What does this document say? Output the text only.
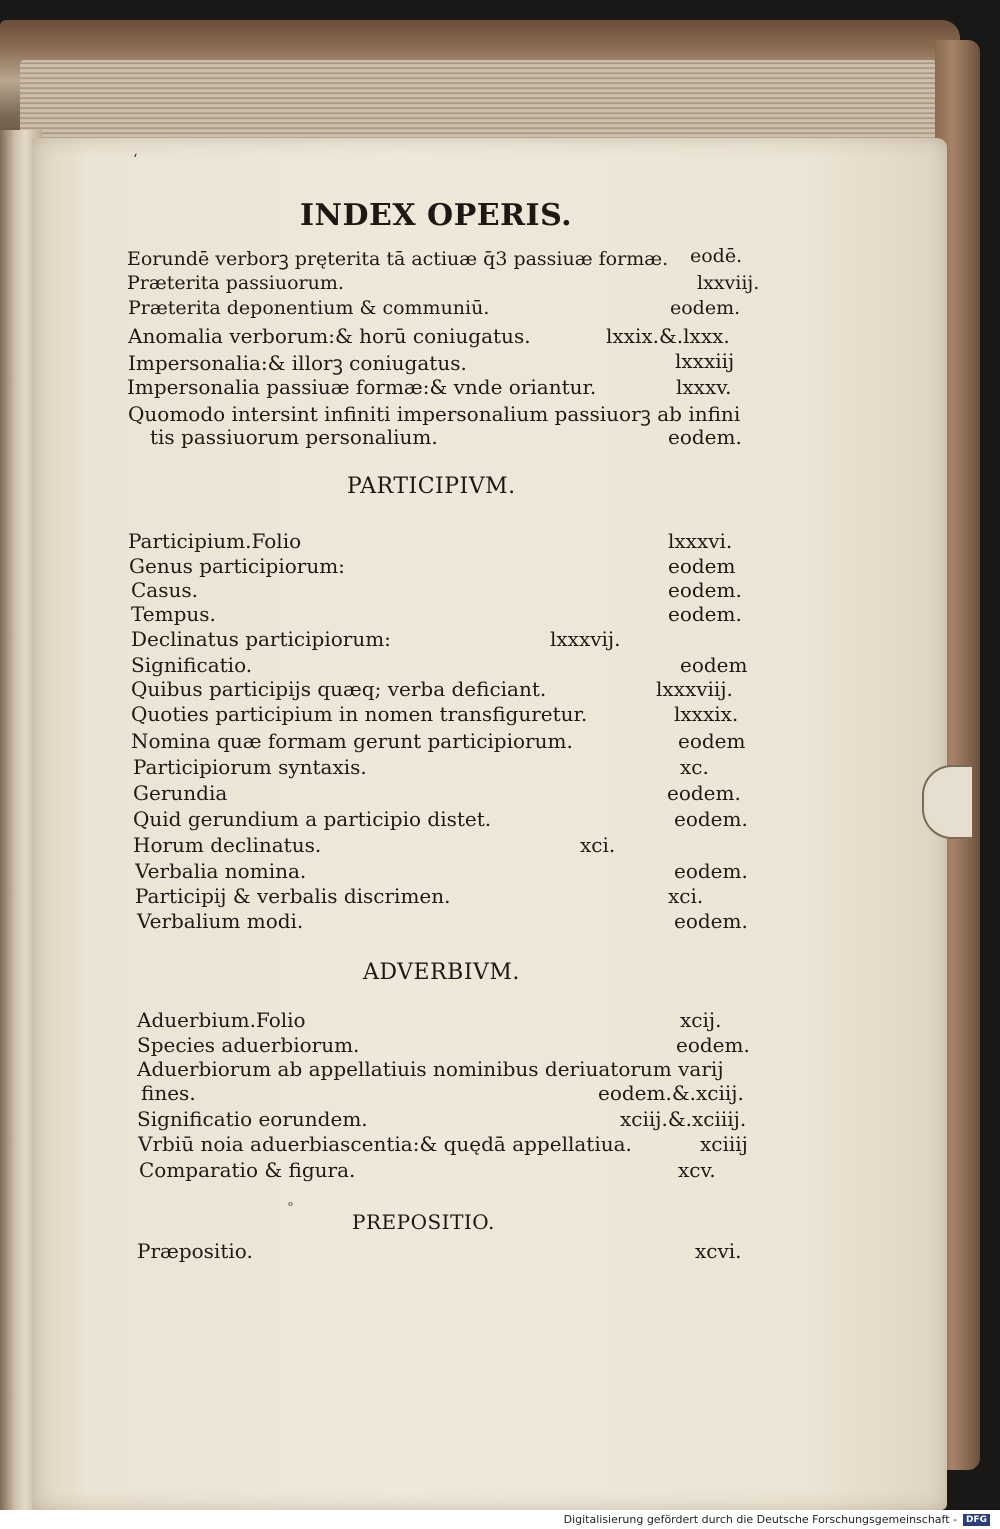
ʻ
INDEX OPERIS.
Eorundē verborꝫ pręterita tā actiuæ q̄3 passiuæ formæ. eodē.
Præterita passiuorum.	lxxviij.
Præterita deponentium & communiū.	eodem.
Anomalia verborum:& horū coniugatus.	lxxix.&.lxxx.
Impersonalia:& illorꝫ coniugatus.	lxxxiij
Impersonalia passiuæ formæ:& vnde oriantur.	lxxxv.
Quomodo intersint infiniti impersonalium passiuorꝫ ab infini
tis passiuorum personalium.	eodem.
PARTICIPIVM.
Participium.Folio	lxxxvi.
Genus participiorum:	eodem
Casus.	eodem.
Tempus.	eodem.
Declinatus participiorum:	lxxxvij.
Significatio.	eodem
Quibus participijs quæq; verba deficiant.	lxxxviij.
Quoties participium in nomen transfiguretur.	lxxxix.
Nomina quæ formam gerunt participiorum.	eodem
Participiorum syntaxis.	xc.
Gerundia	eodem.
Quid gerundium a participio distet.	eodem.
Horum declinatus.	xci.
Verbalia nomina.	eodem.
Participij & verbalis discrimen.	xci.
Verbalium modi.	eodem.
ADVERBIVM.
Aduerbium.Folio	xcij.
Species aduerbiorum.	eodem.
Aduerbiorum ab appellatiuis nominibus deriuatorum varij
fines.	eodem.&.xciij.
Significatio eorundem.	xciij.&.xciiij.
Vrbiū noia aduerbiascentia:& quędā appellatiua.	xciiij
Comparatio & figura.	xcv.
PREPOSITIO.
Præpositio.	xcvi.
ᵒ
Digitalisierung gefördert durch die Deutsche Forschungsgemeinschaft -	DFG
